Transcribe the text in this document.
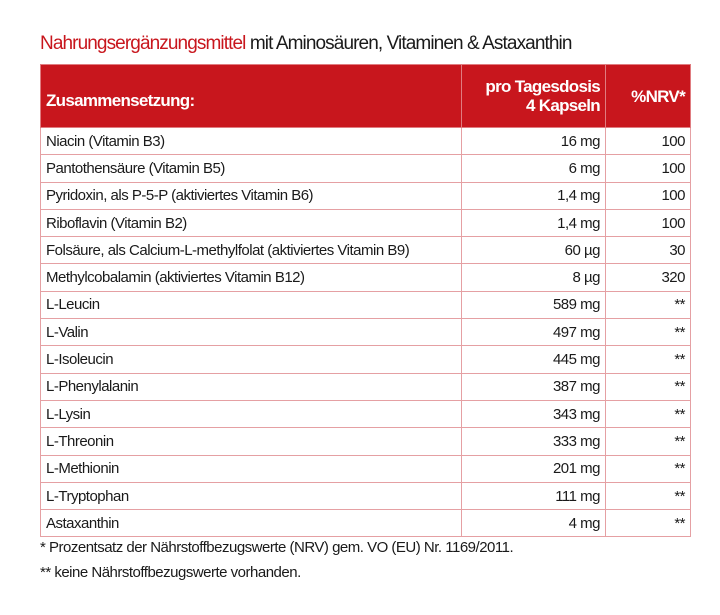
Nahrungsergänzungsmittel mit Aminosäuren, Vitaminen & Astaxanthin
Zusammensetzung:	pro Tagesdosis
4 Kapseln	%NRV*
Niacin (Vitamin B3)	16 mg	100
Pantothensäure (Vitamin B5)	6 mg	100
Pyridoxin, als P-5-P (aktiviertes Vitamin B6)	1,4 mg	100
Riboflavin (Vitamin B2)	1,4 mg	100
Folsäure, als Calcium-L-methylfolat (aktiviertes Vitamin B9)	60 µg	30
Methylcobalamin (aktiviertes Vitamin B12)	8 µg	320
L-Leucin	589 mg	**
L-Valin	497 mg	**
L-Isoleucin	445 mg	**
L-Phenylalanin	387 mg	**
L-Lysin	343 mg	**
L-Threonin	333 mg	**
L-Methionin	201 mg	**
L-Tryptophan	111 mg	**
Astaxanthin	4 mg	**
* Prozentsatz der Nährstoffbezugswerte (NRV) gem. VO (EU) Nr. 1169/2011.
** keine Nährstoffbezugswerte vorhanden.
